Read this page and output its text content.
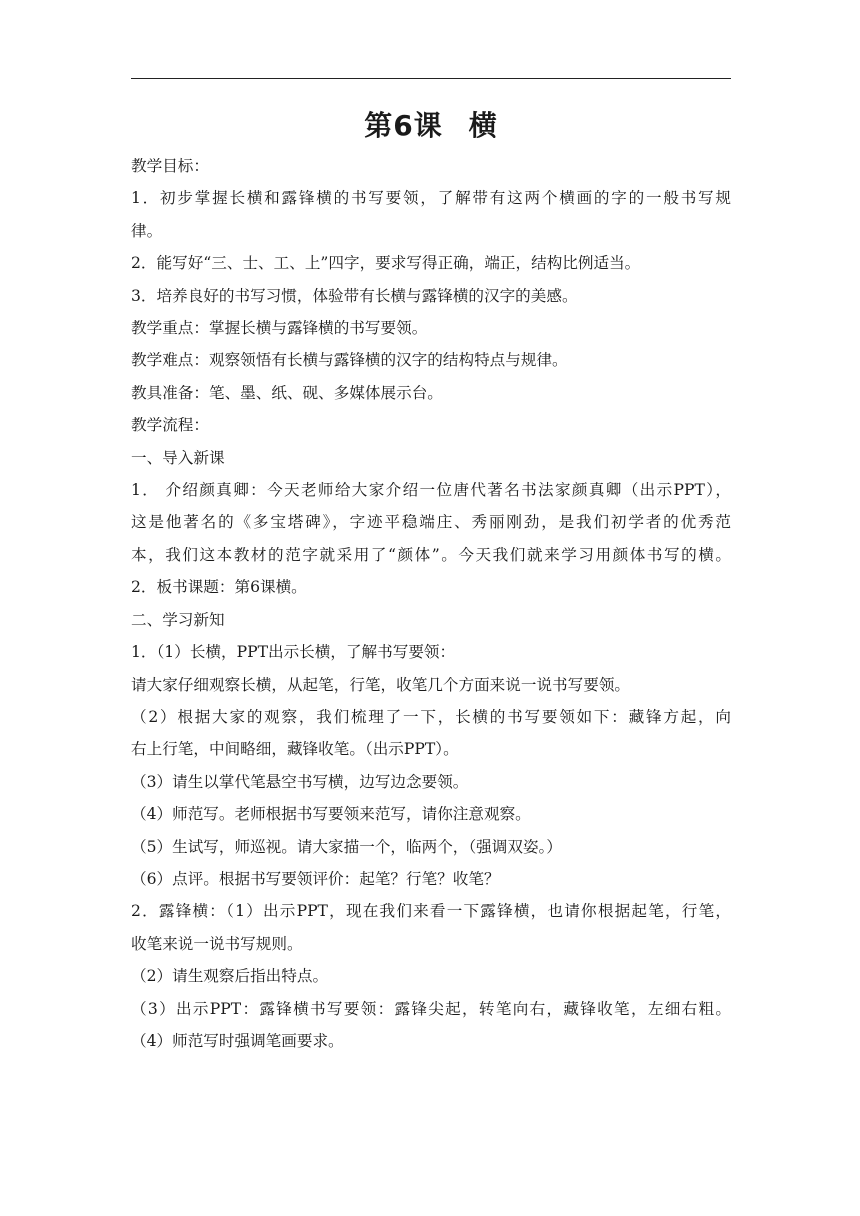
第6课 横

教学目标：

1．初步掌握长横和露锋横的书写要领，了解带有这两个横画的字的一般书写规

律。

2．能写好“三、士、工、上”四字，要求写得正确，端正，结构比例适当。

3．培养良好的书写习惯，体验带有长横与露锋横的汉字的美感。

教学重点：掌握长横与露锋横的书写要领。

教学难点：观察领悟有长横与露锋横的汉字的结构特点与规律。

教具准备：笔、墨、纸、砚、多媒体展示台。

教学流程：

一、导入新课

1． 介绍颜真卿：今天老师给大家介绍一位唐代著名书法家颜真卿（出示PPT），

这是他著名的《多宝塔碑》，字迹平稳端庄、秀丽刚劲，是我们初学者的优秀范

本，我们这本教材的范字就采用了“颜体”。今天我们就来学习用颜体书写的横。

2．板书课题：第6课横。

二、学习新知

1．（1）长横，PPT出示长横，了解书写要领：

请大家仔细观察长横，从起笔，行笔，收笔几个方面来说一说书写要领。

（2）根据大家的观察，我们梳理了一下，长横的书写要领如下：藏锋方起，向

右上行笔，中间略细，藏锋收笔。（出示PPT）。

（3）请生以掌代笔悬空书写横，边写边念要领。

（4）师范写。老师根据书写要领来范写，请你注意观察。

（5）生试写，师巡视。请大家描一个，临两个，（强调双姿。）

（6）点评。根据书写要领评价：起笔？行笔？收笔？

2．露锋横：（1）出示PPT，现在我们来看一下露锋横，也请你根据起笔，行笔，

收笔来说一说书写规则。

（2）请生观察后指出特点。

（3）出示PPT：露锋横书写要领：露锋尖起，转笔向右，藏锋收笔，左细右粗。

（4）师范写时强调笔画要求。
